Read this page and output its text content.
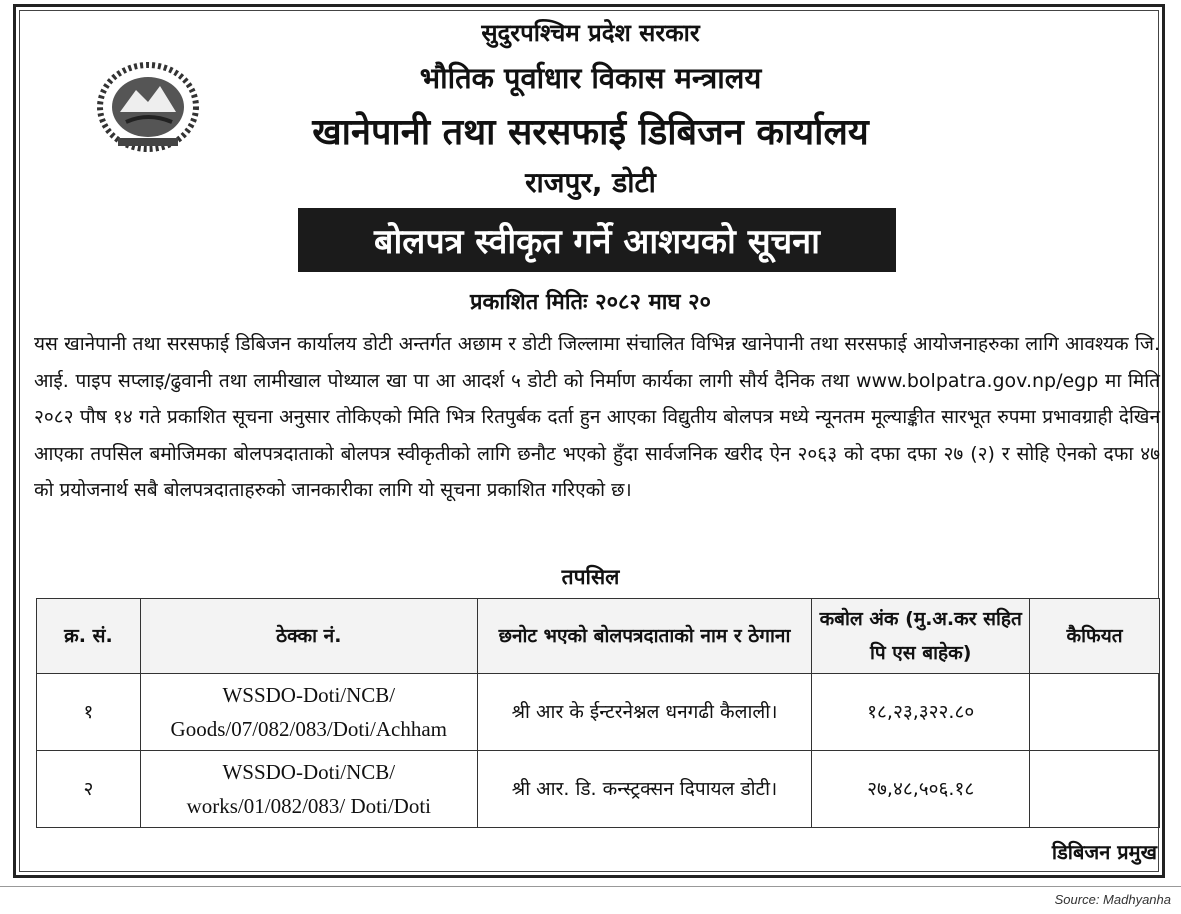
सुदुरपश्चिम प्रदेश सरकार
भौतिक पूर्वाधार विकास मन्त्रालय
खानेपानी तथा सरसफाई डिबिजन कार्यालय
राजपुर, डोटी
बोलपत्र स्वीकृत गर्ने आशयको सूचना
प्रकाशित मितिः २०८२ माघ २०
यस खानेपानी तथा सरसफाई डिबिजन कार्यालय डोटी अन्तर्गत अछाम र डोटी जिल्लामा संचालित विभिन्न खानेपानी तथा सरसफाई आयोजनाहरुका लागि आवश्यक जि. आई. पाइप सप्लाइ/ढुवानी तथा लामीखाल पोथ्याल खा पा आ आदर्श ५ डोटी को निर्माण कार्यका लागी सौर्य दैनिक तथा www.bolpatra.gov.np/egp मा मिति २०८२ पौष १४ गते प्रकाशित सूचना अनुसार तोकिएको मिति भित्र रितपुर्बक दर्ता हुन आएका विद्युतीय बोलपत्र मध्ये न्यूनतम मूल्याङ्कीत सारभूत रुपमा प्रभावग्राही देखिन आएका तपसिल बमोजिमका बोलपत्रदाताको बोलपत्र स्वीकृतीको लागि छनौट भएको हुँदा सार्वजनिक खरीद ऐन २०६३ को दफा दफा २७ (२) र सोहि ऐनको दफा ४७ को प्रयोजनार्थ सबै बोलपत्रदाताहरुको जानकारीका लागि यो सूचना प्रकाशित गरिएको छ।
तपसिल
क्र. सं.	ठेक्का नं.	छनोट भएको बोलपत्रदाताको नाम र ठेगाना	कबोल अंक (मु.अ.कर सहित पि एस बाहेक)	कैफियत
१	WSSDO-Doti/NCB/
Goods/07/082/083/Doti/Achham	श्री आर के ईन्टरनेश्नल धनगढी कैलाली।	१८,२३,३२२.८०	
२	WSSDO-Doti/NCB/
works/01/082/083/ Doti/Doti	श्री आर. डि. कन्स्ट्रक्सन दिपायल डोटी।	२७,४८,५०६.१८	
डिबिजन प्रमुख
Source: Madhyanha
